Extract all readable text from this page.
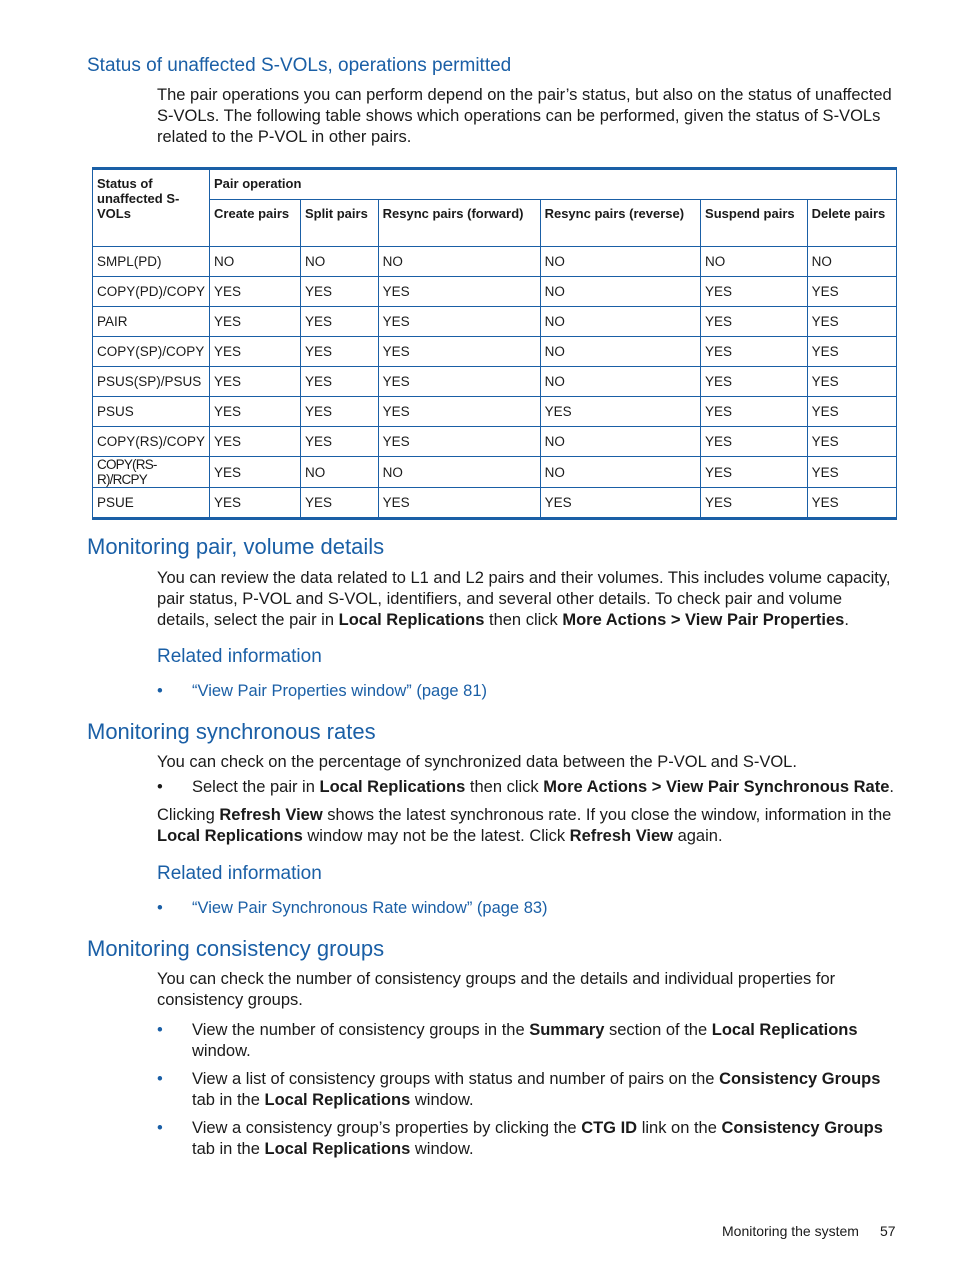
Status of unaffected S-VOLs, operations permitted
The pair operations you can perform depend on the pair’s status, but also on the status of unaffected S-VOLs. The following table shows which operations can be performed, given the status of S-VOLs related to the P-VOL in other pairs.
Status of unaffected S-VOLs	Pair operation					
	Create pairs	Split pairs	Resync pairs (forward)	Resync pairs (reverse)	Suspend pairs	Delete pairs
SMPL(PD)	NO	NO	NO	NO	NO	NO
COPY(PD)/COPY	YES	YES	YES	NO	YES	YES
PAIR	YES	YES	YES	NO	YES	YES
COPY(SP)/COPY	YES	YES	YES	NO	YES	YES
PSUS(SP)/PSUS	YES	YES	YES	NO	YES	YES
PSUS	YES	YES	YES	YES	YES	YES
COPY(RS)/COPY	YES	YES	YES	NO	YES	YES
COPY(RS-R)/RCPY	YES	NO	NO	NO	YES	YES
PSUE	YES	YES	YES	YES	YES	YES
Monitoring pair, volume details
You can review the data related to L1 and L2 pairs and their volumes. This includes volume capacity, pair status, P-VOL and S-VOL, identifiers, and several other details. To check pair and volume details, select the pair in Local Replications then click More Actions > View Pair Properties.
Related information
•	“View Pair Properties window” (page 81)
Monitoring synchronous rates
You can check on the percentage of synchronized data between the P-VOL and S-VOL.
•	Select the pair in Local Replications then click More Actions > View Pair Synchronous Rate.
Clicking Refresh View shows the latest synchronous rate. If you close the window, information in the Local Replications window may not be the latest. Click Refresh View again.
Related information
•	“View Pair Synchronous Rate window” (page 83)
Monitoring consistency groups
You can check the number of consistency groups and the details and individual properties for consistency groups.
•	View the number of consistency groups in the Summary section of the Local Replications window.
•	View a list of consistency groups with status and number of pairs on the Consistency Groups tab in the Local Replications window.
•	View a consistency group’s properties by clicking the CTG ID link on the Consistency Groups tab in the Local Replications window.
Monitoring the system 57
